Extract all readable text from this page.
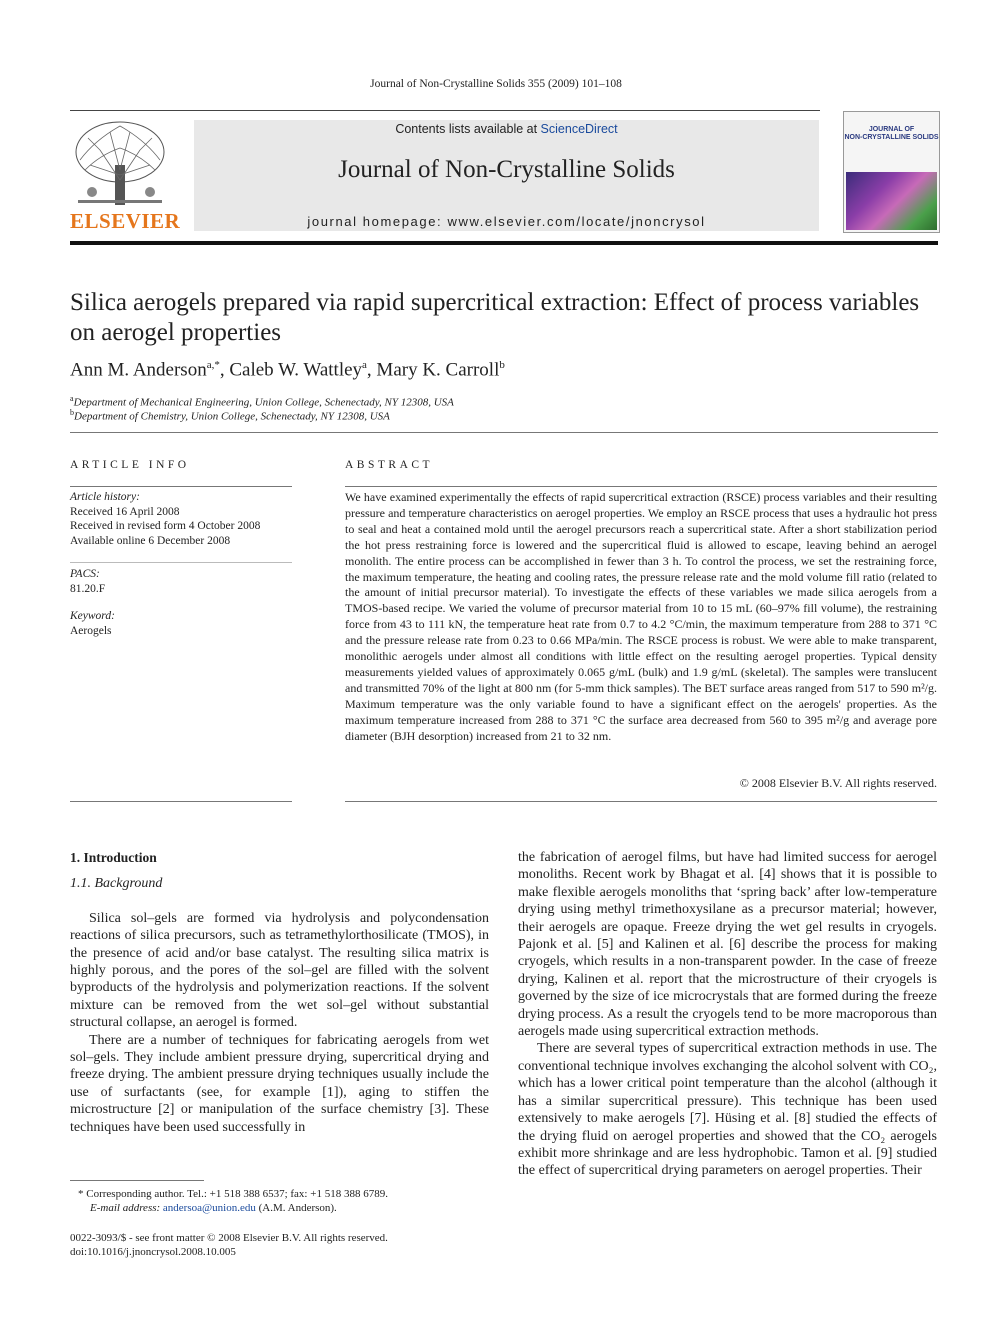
Journal of Non-Crystalline Solids 355 (2009) 101–108
ELSEVIER
Contents lists available at ScienceDirect
Journal of Non-Crystalline Solids
journal homepage: www.elsevier.com/locate/jnoncrysol
JOURNAL OF
NON-CRYSTALLINE SOLIDS
Silica aerogels prepared via rapid supercritical extraction: Effect of process variables on aerogel properties
Ann M. Anderson$^{a,*}$, Caleb W. Wattley$^a$, Mary K. Carroll$^b$
$^a$Department of Mechanical Engineering, Union College, Schenectady, NY 12308, USA
$^b$Department of Chemistry, Union College, Schenectady, NY 12308, USA
ARTICLE INFO
Article history:
Received 16 April 2008
Received in revised form 4 October 2008
Available online 6 December 2008
PACS:
81.20.F
Keyword:
Aerogels
ABSTRACT
We have examined experimentally the effects of rapid supercritical extraction (RSCE) process variables and their resulting pressure and temperature characteristics on aerogel properties. We employ an RSCE process that uses a hydraulic hot press to seal and heat a contained mold until the aerogel precursors reach a supercritical state. After a short stabilization period the hot press restraining force is lowered and the supercritical fluid is allowed to escape, leaving behind an aerogel monolith. The entire process can be accomplished in fewer than 3 h. To control the process, we set the restraining force, the maximum temperature, the heating and cooling rates, the pressure release rate and the mold volume fill ratio (related to the amount of initial precursor material). To investigate the effects of these variables we made silica aerogels from a TMOS-based recipe. We varied the volume of precursor material from 10 to 15 mL (60–97% fill volume), the restraining force from 43 to 111 kN, the temperature heat rate from 0.7 to 4.2 °C/min, the maximum temperature from 288 to 371 °C and the pressure release rate from 0.23 to 0.66 MPa/min. The RSCE process is robust. We were able to make transparent, monolithic aerogels under almost all conditions with little effect on the resulting aerogel properties. Typical density measurements yielded values of approximately 0.065 g/mL (bulk) and 1.9 g/mL (skeletal). The samples were translucent and transmitted 70% of the light at 800 nm (for 5-mm thick samples). The BET surface areas ranged from 517 to 590 m²/g. Maximum temperature was the only variable found to have a significant effect on the aerogels' properties. As the maximum temperature increased from 288 to 371 °C the surface area decreased from 560 to 395 m²/g and average pore diameter (BJH desorption) increased from 21 to 32 nm.
© 2008 Elsevier B.V. All rights reserved.
1. Introduction
1.1. Background

Silica sol–gels are formed via hydrolysis and polycondensation reactions of silica precursors, such as tetramethylorthosilicate (TMOS), in the presence of acid and/or base catalyst. The resulting silica matrix is highly porous, and the pores of the sol–gel are filled with the solvent byproducts of the hydrolysis and polymerization reactions. If the solvent mixture can be removed from the wet sol–gel without substantial structural collapse, an aerogel is formed.

There are a number of techniques for fabricating aerogels from wet sol–gels. They include ambient pressure drying, supercritical drying and freeze drying. The ambient pressure drying techniques usually include the use of surfactants (see, for example [1]), aging to stiffen the microstructure [2] or manipulation of the surface chemistry [3]. These techniques have been used successfully in

the fabrication of aerogel films, but have had limited success for aerogel monoliths. Recent work by Bhagat et al. [4] shows that it is possible to make flexible aerogels monoliths that ‘spring back’ after low-temperature drying using methyl trimethoxysilane as a precursor material; however, their aerogels are opaque. Freeze drying the wet gel results in cryogels. Pajonk et al. [5] and Kalinen et al. [6] describe the process for making cryogels, which results in a non-transparent powder. In the case of freeze drying, Kalinen et al. report that the microstructure of their cryogels is governed by the size of ice microcrystals that are formed during the freeze drying process. As a result the cryogels tend to be more macroporous than aerogels made using supercritical extraction methods.

There are several types of supercritical extraction methods in use. The conventional technique involves exchanging the alcohol solvent with CO₂, which has a lower critical point temperature than the alcohol (although it has a similar supercritical pressure). This technique has been used extensively to make aerogels [7]. Hüsing et al. [8] studied the effects of the drying fluid on aerogel properties and showed that the CO₂ aerogels exhibit more shrinkage and are less hydrophobic. Tamon et al. [9] studied the effect of supercritical drying parameters on aerogel properties. Their

* Corresponding author. Tel.: +1 518 388 6537; fax: +1 518 388 6789.
E-mail address: andersoa@union.edu (A.M. Anderson).
0022-3093/$ - see front matter © 2008 Elsevier B.V. All rights reserved.
doi:10.1016/j.jnoncrysol.2008.10.005
